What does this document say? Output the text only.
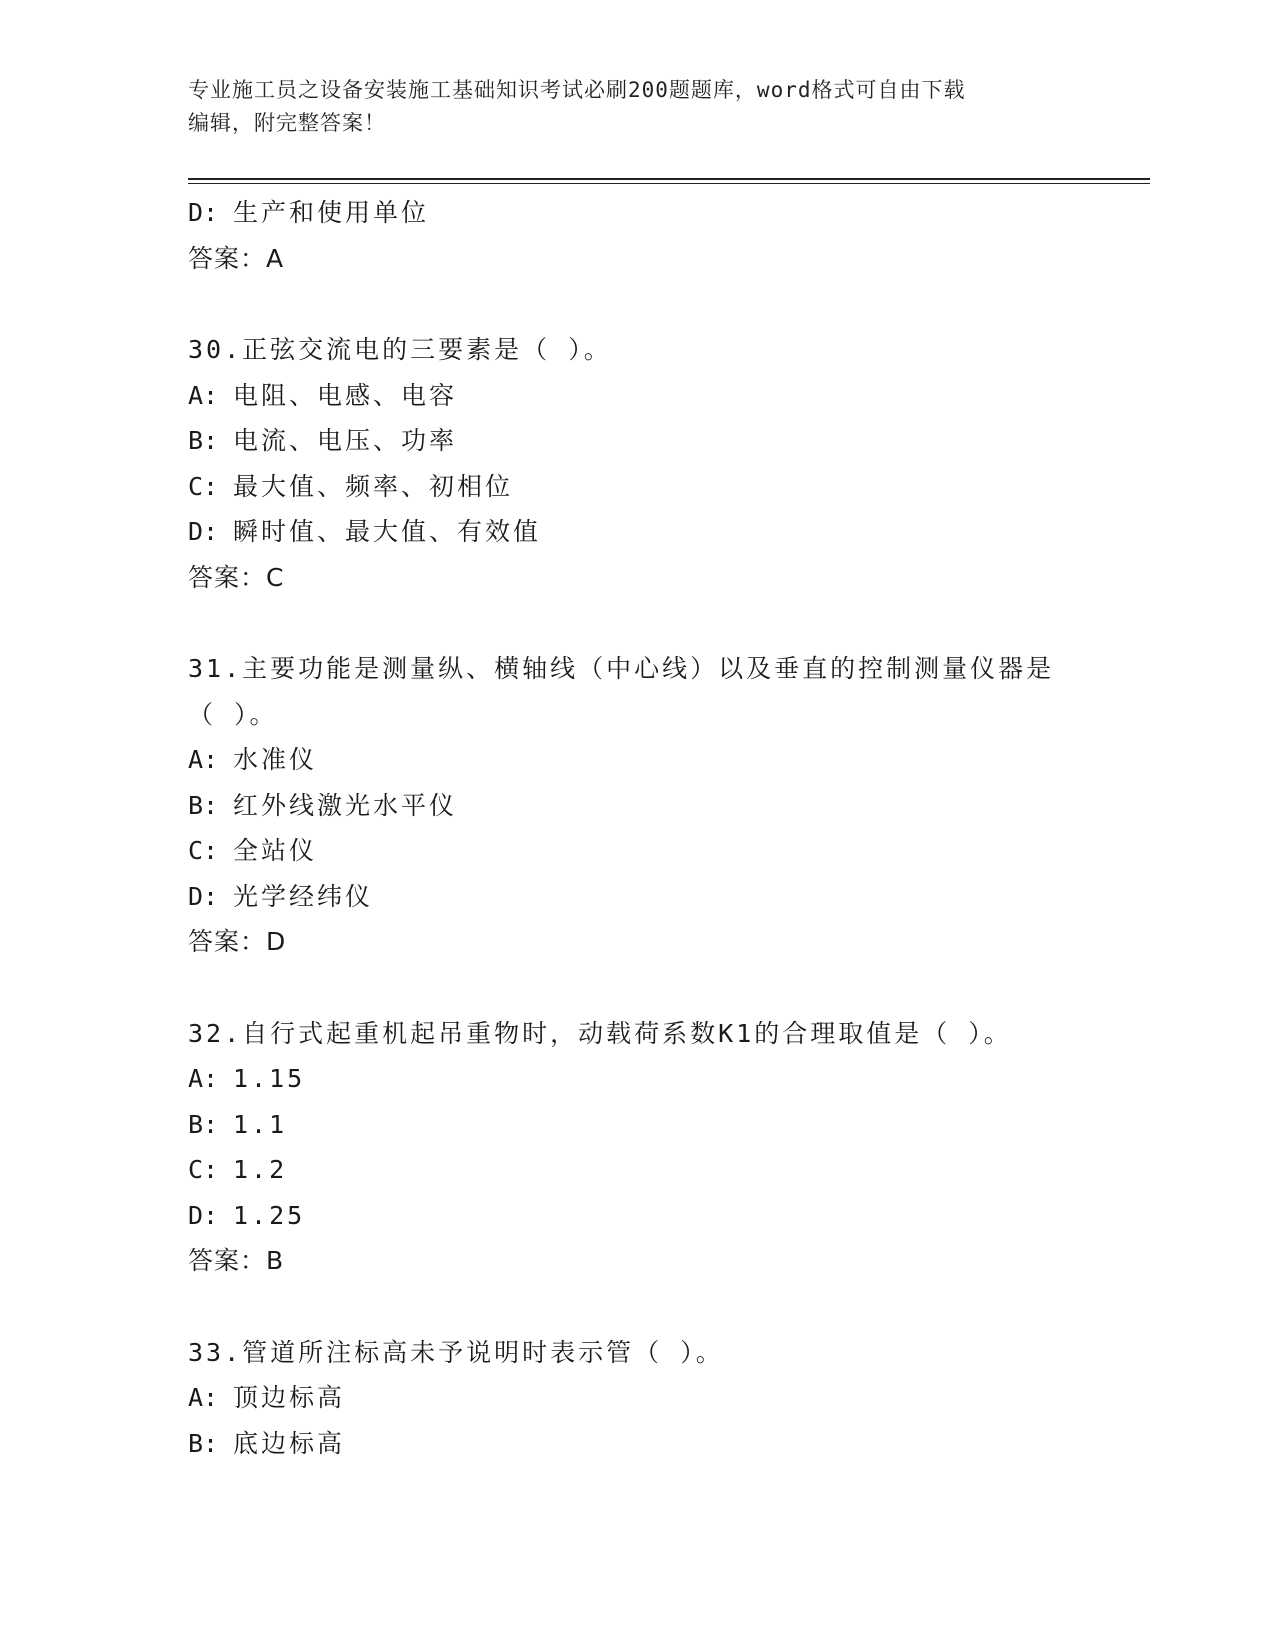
专业施工员之设备安装施工基础知识考试必刷200题题库，word格式可自由下载
编辑，附完整答案！
D: 生产和使用单位
答案：A
30.正弦交流电的三要素是（ ）。
A: 电阻、电感、电容
B: 电流、电压、功率
C: 最大值、频率、初相位
D: 瞬时值、最大值、有效值
答案：C
31.主要功能是测量纵、横轴线（中心线）以及垂直的控制测量仪器是
（ ）。
A: 水准仪
B: 红外线激光水平仪
C: 全站仪
D: 光学经纬仪
答案：D
32.自行式起重机起吊重物时，动载荷系数K1的合理取值是（ ）。
A: 1.15
B: 1.1
C: 1.2
D: 1.25
答案：B
33.管道所注标高未予说明时表示管（ ）。
A: 顶边标高
B: 底边标高
